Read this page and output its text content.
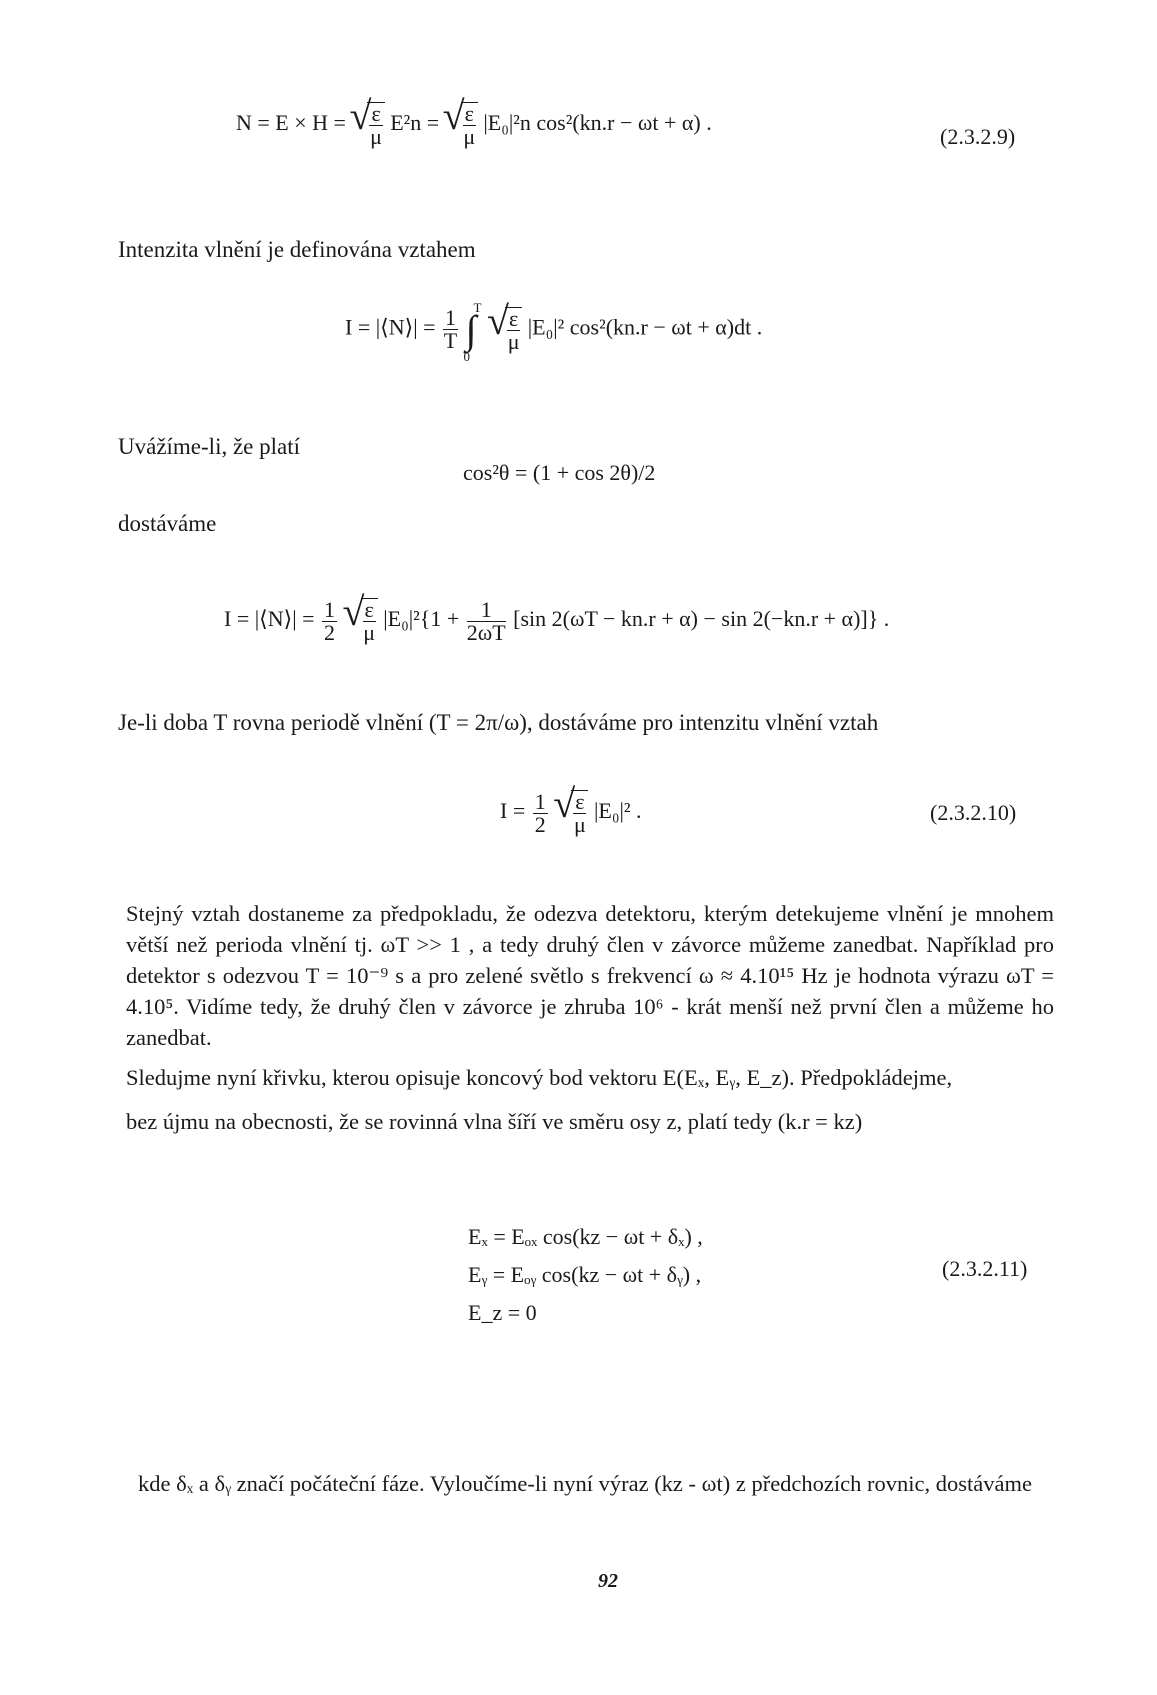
N = E × H = √ $\frac{\varepsilon}{\mu} E^2n$ = √ $\frac{\varepsilon}{\mu} |E_0|^2n$ cos²(kn.r − ωt + α) .
(2.3.2.9)
Intenzita vlnění je definována vztahem
I = |⟨N⟩| = $\frac{1}{T}$ ∫
T
0

√ $\frac{\varepsilon}{\mu} |E_0|^2$ cos²(kn.r − ωt + α)dt .
Uvážíme-li, že platí
cos²θ = (1 + cos 2θ)/2
dostáváme
I = |⟨N⟩| = $\frac{1}{2}$
√ $\frac{\varepsilon}{\mu} |E_0|^2\{1 + \frac{1}{2\omega T} [\sin$ 2(ωT − kn.r + α) − sin 2(−kn.r + α)]} .
Je-li doba T rovna periodě vlnění (T = 2π/ω), dostáváme pro intenzitu vlnění vztah
$I = \frac{1}{2}$
√ $\frac{\varepsilon}{\mu} |E_0|^2$ .	(2.3.2.10)
Stejný vztah dostaneme za předpokladu, že odezva detektoru, kterým detekujeme vlnění je mnohem větší než perioda vlnění tj. ωT >> 1 , a tedy druhý člen v závorce můžeme zanedbat. Například pro detektor s odezvou T = 10⁻⁹ s a pro zelené světlo s frekvencí ω ≈ 4.10¹⁵ Hz je hodnota výrazu ωT = 4.10⁵. Vidíme tedy, že druhý člen v závorce je zhruba 10⁶ - krát menší než první člen a můžeme ho zanedbat.
Sledujme nyní křivku, kterou opisuje koncový bod vektoru E(Eₓ, Eᵧ, E_z). Předpokládejme,
bez újmu na obecnosti, že se rovinná vlna šíří ve směru osy z, platí tedy (k.r = kz)
Eₓ = Eₒₓ cos(kz − ωt + δₓ) ,
Eᵧ = Eₒᵧ cos(kz − ωt + δᵧ) ,
E_z = 0
(2.3.2.11)
kde δₓ a δᵧ značí počáteční fáze. Vyloučíme-li nyní výraz (kz - ωt) z předchozích rovnic, dostáváme
92
